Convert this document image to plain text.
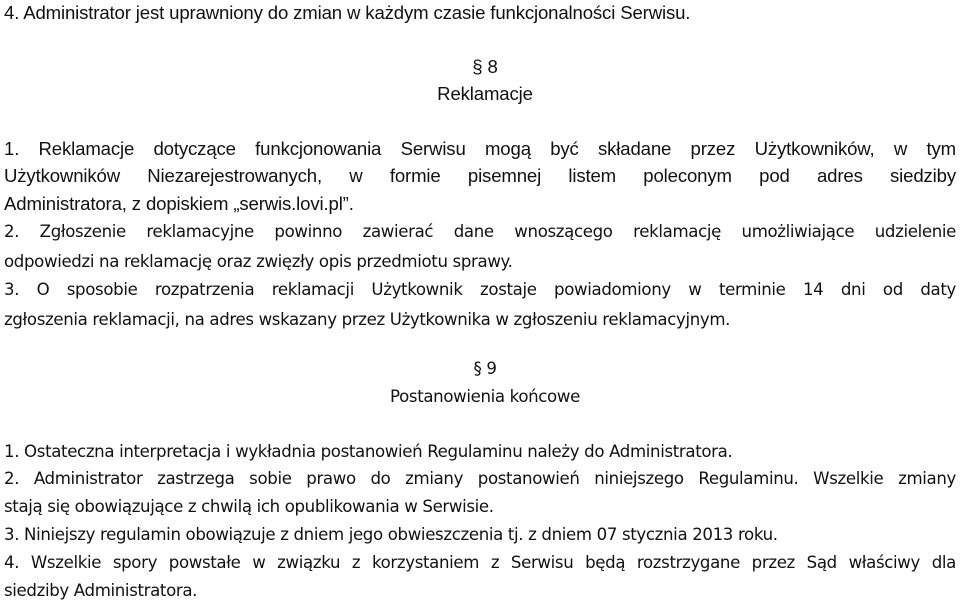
4. Administrator jest uprawniony do zmian w każdym czasie funkcjonalności Serwisu.
§ 8
Reklamacje
1. Reklamacje dotyczące funkcjonowania Serwisu mogą być składane przez Użytkowników, w tym
Użytkowników Niezarejestrowanych, w formie pisemnej listem poleconym pod adres siedziby
Administratora, z dopiskiem „serwis.lovi.pl”.
2. Zgłoszenie reklamacyjne powinno zawierać dane wnoszącego reklamację umożliwiające udzielenie
odpowiedzi na reklamację oraz zwięzły opis przedmiotu sprawy.
3. O sposobie rozpatrzenia reklamacji Użytkownik zostaje powiadomiony w terminie 14 dni od daty
zgłoszenia reklamacji, na adres wskazany przez Użytkownika w zgłoszeniu reklamacyjnym.
§ 9
Postanowienia końcowe
1. Ostateczna interpretacja i wykładnia postanowień Regulaminu należy do Administratora.
2. Administrator zastrzega sobie prawo do zmiany postanowień niniejszego Regulaminu. Wszelkie zmiany
stają się obowiązujące z chwilą ich opublikowania w Serwisie.
3. Niniejszy regulamin obowiązuje z dniem jego obwieszczenia tj. z dniem 07 stycznia 2013 roku.
4. Wszelkie spory powstałe w związku z korzystaniem z Serwisu będą rozstrzygane przez Sąd właściwy dla
siedziby Administratora.
